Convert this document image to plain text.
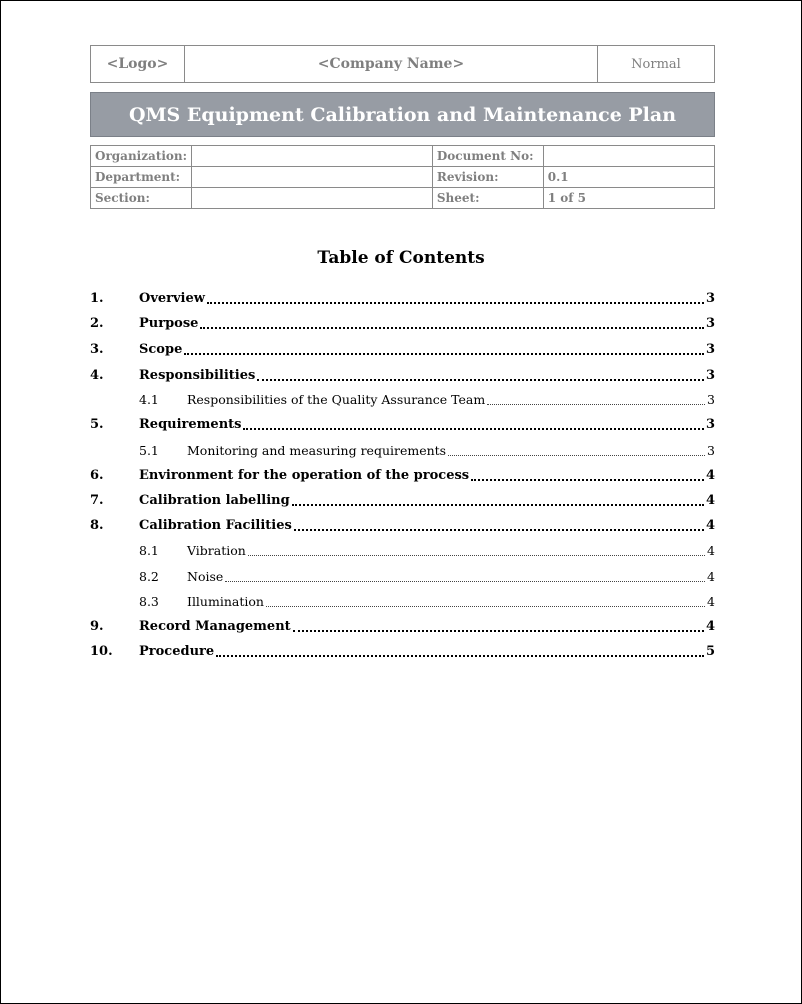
<Logo>	<Company Name>	Normal
QMS Equipment Calibration and Maintenance Plan
Organization:		Document No:	
Department:		Revision:	0.1
Section:		Sheet:	1 of 5
Table of Contents
1.	Overview	3
2.	Purpose	3
3.	Scope	3
4.	Responsibilities	3
4.1	Responsibilities of the Quality Assurance Team	3
5.	Requirements	3
5.1	Monitoring and measuring requirements	3
6.	Environment for the operation of the process	4
7.	Calibration labelling	4
8.	Calibration Facilities	4
8.1	Vibration	4
8.2	Noise	4
8.3	Illumination	4
9.	Record Management	4
10.	Procedure	5
